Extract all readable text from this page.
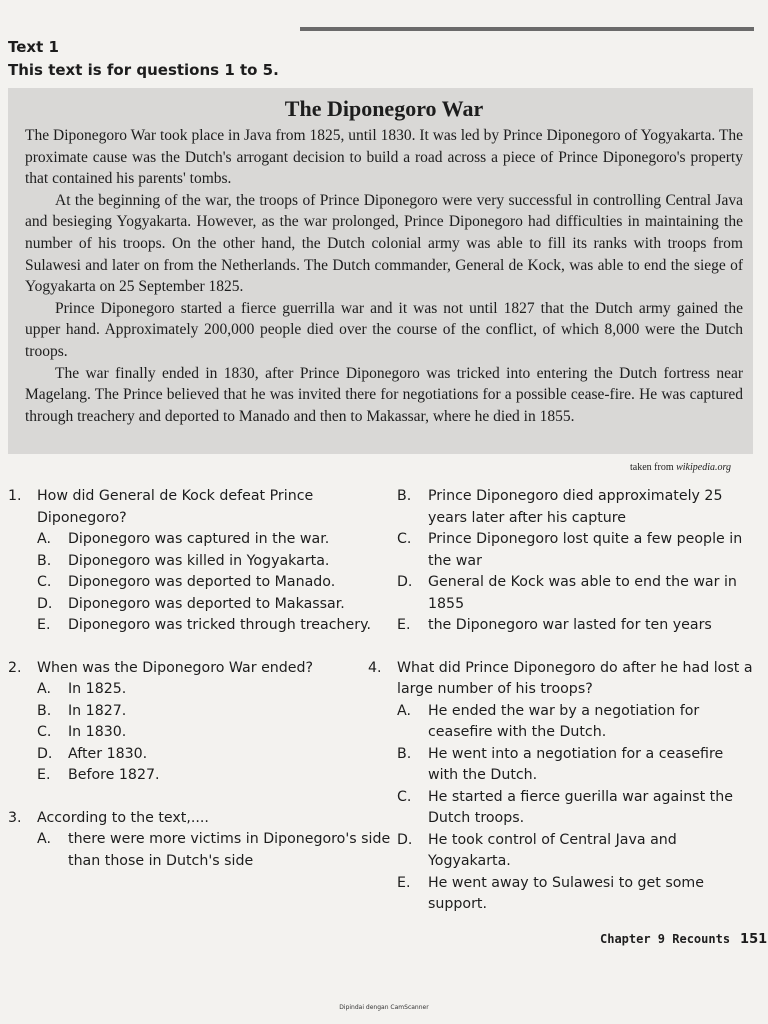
Text 1
This text is for questions 1 to 5.
The Diponegoro War

The Diponegoro War took place in Java from 1825, until 1830. It was led by Prince Diponegoro of Yogyakarta. The proximate cause was the Dutch's arrogant decision to build a road across a piece of Prince Diponegoro's property that contained his parents' tombs.

At the beginning of the war, the troops of Prince Diponegoro were very successful in controlling Central Java and besieging Yogyakarta. However, as the war prolonged, Prince Diponegoro had difficulties in maintaining the number of his troops. On the other hand, the Dutch colonial army was able to fill its ranks with troops from Sulawesi and later on from the Netherlands. The Dutch commander, General de Kock, was able to end the siege of Yogyakarta on 25 September 1825.

Prince Diponegoro started a fierce guerrilla war and it was not until 1827 that the Dutch army gained the upper hand. Approximately 200,000 people died over the course of the conflict, of which 8,000 were the Dutch troops.

The war finally ended in 1830, after Prince Diponegoro was tricked into entering the Dutch fortress near Magelang. The Prince believed that he was invited there for negotiations for a possible cease-fire. He was captured through treachery and deported to Manado and then to Makassar, where he died in 1855.

taken from wikipedia.org
1.	How did General de Kock defeat Prince Diponegoro?
A.	Diponegoro was captured in the war.
B.	Diponegoro was killed in Yogyakarta.
C.	Diponegoro was deported to Manado.
D.	Diponegoro was deported to Makassar.
E.	Diponegoro was tricked through treachery.
2.	When was the Diponegoro War ended?
A.	In 1825.
B.	In 1827.
C.	In 1830.
D.	After 1830.
E.	Before 1827.
3.	According to the text,....
A.	there were more victims in Diponegoro's side than those in Dutch's side
B.	Prince Diponegoro died approximately 25 years later after his capture
C.	Prince Diponegoro lost quite a few people in the war
D.	General de Kock was able to end the war in 1855
E.	the Diponegoro war lasted for ten years
4.	What did Prince Diponegoro do after he had lost a large number of his troops?
A.	He ended the war by a negotiation for ceasefire with the Dutch.
B.	He went into a negotiation for a ceasefire with the Dutch.
C.	He started a fierce guerilla war against the Dutch troops.
D.	He took control of Central Java and Yogyakarta.
E.	He went away to Sulawesi to get some support.
Chapter 9 Recounts 151
Dipindai dengan CamScanner
